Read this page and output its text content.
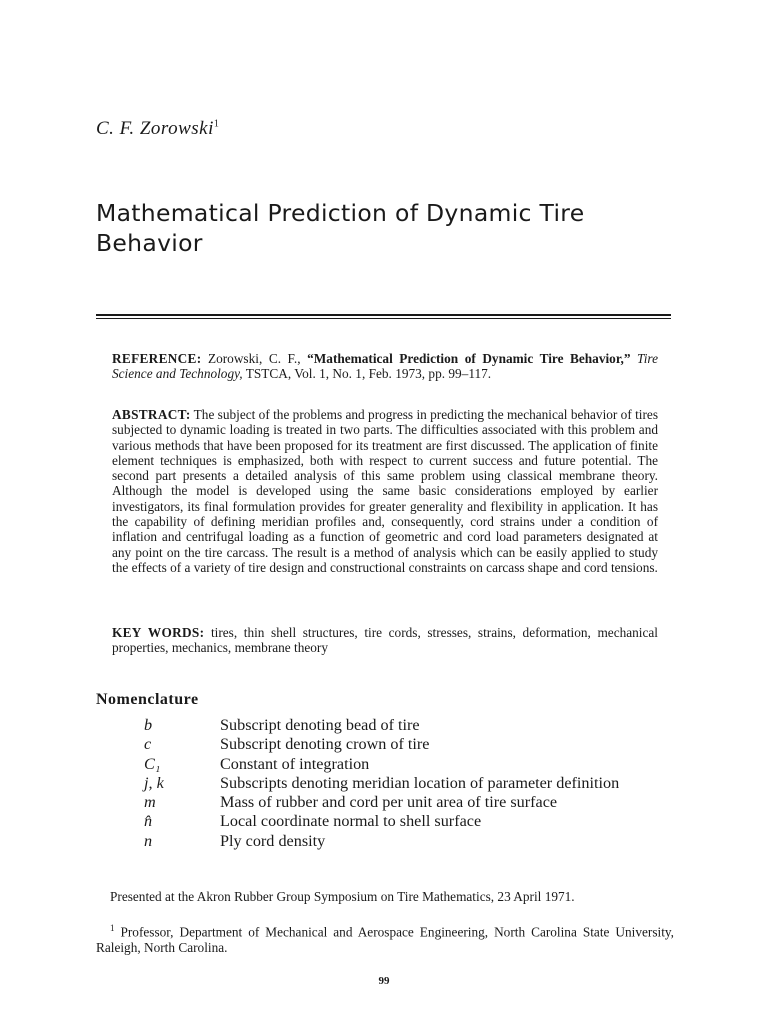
C. F. Zorowski$^1$
Mathematical Prediction of Dynamic Tire Behavior
REFERENCE: Zorowski, C. F., “Mathematical Prediction of Dynamic Tire Behavior,” Tire Science and Technology, TSTCA, Vol. 1, No. 1, Feb. 1973, pp. 99–117.
ABSTRACT: The subject of the problems and progress in predicting the mechanical behavior of tires subjected to dynamic loading is treated in two parts. The difficulties associated with this problem and various methods that have been proposed for its treatment are first discussed. The application of finite element techniques is emphasized, both with respect to current success and future potential. The second part presents a detailed analysis of this same problem using classical membrane theory. Although the model is developed using the same basic considerations employed by earlier investigators, its final formulation provides for greater generality and flexibility in application. It has the capability of defining meridian profiles and, consequently, cord strains under a condition of inflation and centrifugal loading as a function of geometric and cord load parameters designated at any point on the tire carcass. The result is a method of analysis which can be easily applied to study the effects of a variety of tire design and constructional constraints on carcass shape and cord tensions.
KEY WORDS: tires, thin shell structures, tire cords, stresses, strains, deformation, mechanical properties, mechanics, membrane theory
Nomenclature
b	Subscript denoting bead of tire
c	Subscript denoting crown of tire
C₁	Constant of integration
j, k	Subscripts denoting meridian location of parameter definition
m	Mass of rubber and cord per unit area of tire surface
n̂	Local coordinate normal to shell surface
n	Ply cord density
Presented at the Akron Rubber Group Symposium on Tire Mathematics, 23 April 1971.
$^1$ Professor, Department of Mechanical and Aerospace Engineering, North Carolina State University, Raleigh, North Carolina.
99
